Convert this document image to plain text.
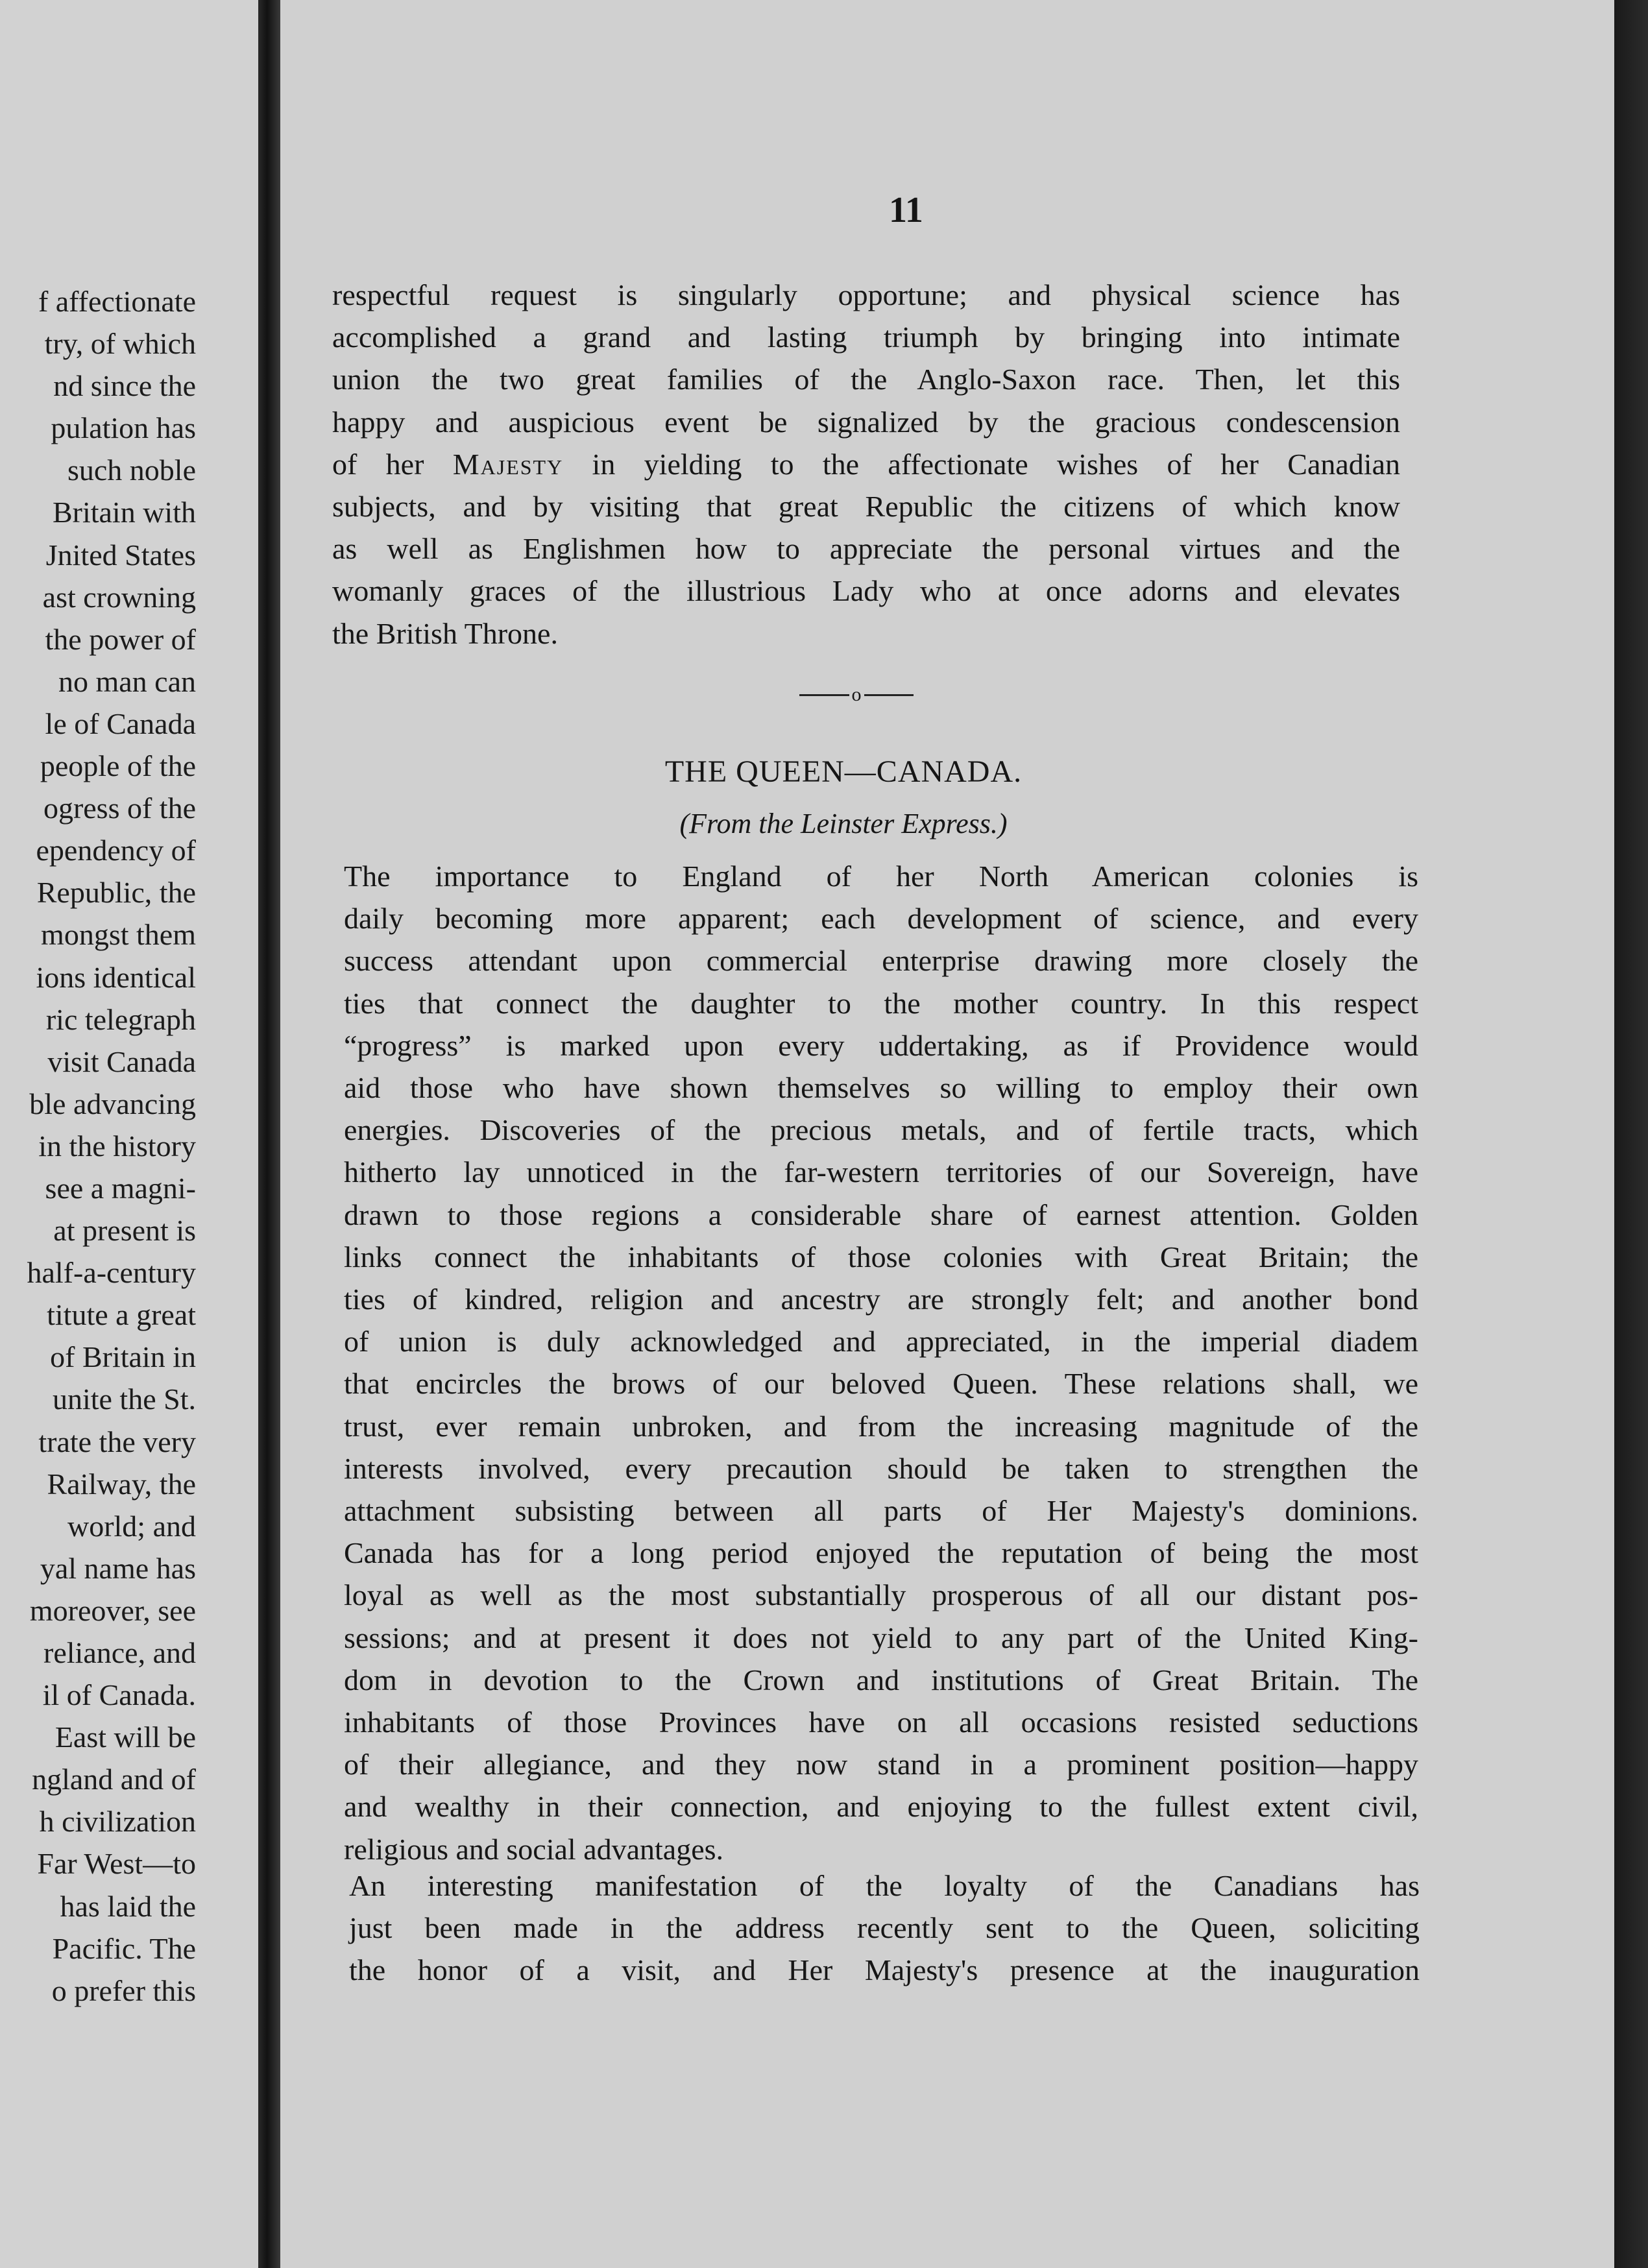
f affectionate
try, of which
nd since the
pulation has
such noble
Britain with
Jnited States
ast crowning
the power of
no man can
le of Canada
people of the
ogress of the
ependency of
Republic, the
mongst them
ions identical
ric telegraph
visit Canada
ble advancing
in the history
see a magni-
at present is
half-a-century
titute a great
of Britain in
unite the St.
trate the very
Railway, the
world; and
yal name has
moreover, see
reliance, and
il of Canada.
East will be
ngland and of
h civilization
Far West—to
has laid the
Pacific. The
o prefer this
11

respectful request is singularly opportune; and physical science has
accomplished a grand and lasting triumph by bringing into intimate
union the two great families of the Anglo-Saxon race. Then, let this
happy and auspicious event be signalized by the gracious condescension
of her Majesty in yielding to the affectionate wishes of her Canadian
subjects, and by visiting that great Republic the citizens of which know
as well as Englishmen how to appreciate the personal virtues and the
womanly graces of the illustrious Lady who at once adorns and elevates
the British Throne.

o
THE QUEEN—CANADA.
(From the Leinster Express.)

The importance to England of her North American colonies is
daily becoming more apparent; each development of science, and every
success attendant upon commercial enterprise drawing more closely the
ties that connect the daughter to the mother country. In this respect
“progress” is marked upon every uddertaking, as if Providence would
aid those who have shown themselves so willing to employ their own
energies. Discoveries of the precious metals, and of fertile tracts, which
hitherto lay unnoticed in the far-western territories of our Sovereign, have
drawn to those regions a considerable share of earnest attention. Golden
links connect the inhabitants of those colonies with Great Britain; the
ties of kindred, religion and ancestry are strongly felt; and another bond
of union is duly acknowledged and appreciated, in the imperial diadem
that encircles the brows of our beloved Queen. These relations shall, we
trust, ever remain unbroken, and from the increasing magnitude of the
interests involved, every precaution should be taken to strengthen the
attachment subsisting between all parts of Her Majesty's dominions.
Canada has for a long period enjoyed the reputation of being the most
loyal as well as the most substantially prosperous of all our distant pos-
sessions; and at present it does not yield to any part of the United King-
dom in devotion to the Crown and institutions of Great Britain. The
inhabitants of those Provinces have on all occasions resisted seductions
of their allegiance, and they now stand in a prominent position—happy
and wealthy in their connection, and enjoying to the fullest extent civil,
religious and social advantages.

An interesting manifestation of the loyalty of the Canadians has
just been made in the address recently sent to the Queen, soliciting
the honor of a visit, and Her Majesty's presence at the inauguration
